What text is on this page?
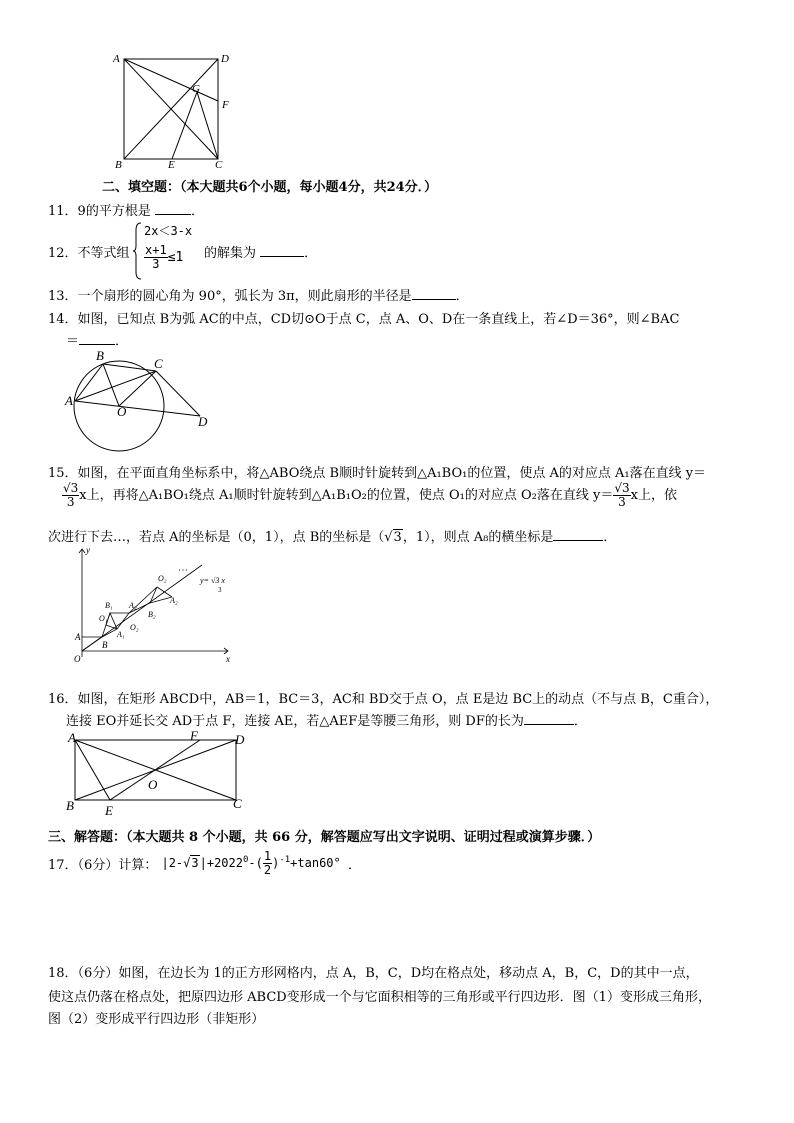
A	D
G
F
B	E	C
二、填空题：（本大题共6个小题，每小题4分，共24分．）
11．9的平方根是	．
12．不等式组
2x＜3-x
$\frac{x+1}{3} \le 1$ 的解集为	．
13．一个扇形的圆心角为 90°，弧长为 3π，则此扇形的半径是	．
14．如图，已知点 B为弧 AC的中点，CD切⊙O于点 C，点 A、O、D在一条直线上，若∠D＝36°，则∠BAC
＝	．
B
C
A
O
D
15．如图，在平面直角坐标系中，将△ABO绕点 B顺时针旋转到△A₁BO₁的位置，使点 A的对应点 A₁落在直线 y＝
$\frac{√3}{3}$ x上，再将△A₁BO₁绕点 A₁顺时针旋转到△A₁B₁O₂的位置，使点 O₁的对应点 O₂落在直线 $y= \frac{√3}{3}$ x上，依
次进行下去…，若点 A的坐标是（0，1），点 B的坐标是（√3，1），则点 A₈的横坐标是	．
y
x
O
A
B
O₁
B₁
A₁
A₂
O₂
B₂
O₂
A₂
⋯
y= √3 x
3
16．如图，在矩形 ABCD中，AB＝1，BC＝3，AC和 BD交于点 O，点 E是边 BC上的动点（不与点 B，C重合），
连接 EO并延长交 AD于点 F，连接 AE，若△AEF是等腰三角形，则 DF的长为	．
A	F	D
O
B E	C
三、解答题：（本大题共 8 个小题，共 66 分，解答题应写出文字说明、证明过程或演算步骤．）
17．（6分）计算： $|2-√3|+2022^0-( \frac{1}{2} )^{-1}+\tan 60^\circ$ ．
18．（6分）如图，在边长为 1的正方形网格内，点 A，B，C，D均在格点处，移动点 A，B，C，D的其中一点，
使这点仍落在格点处，把原四边形 ABCD变形成一个与它面积相等的三角形或平行四边形．图（1）变形成三角形，
图（2）变形成平行四边形（非矩形）
